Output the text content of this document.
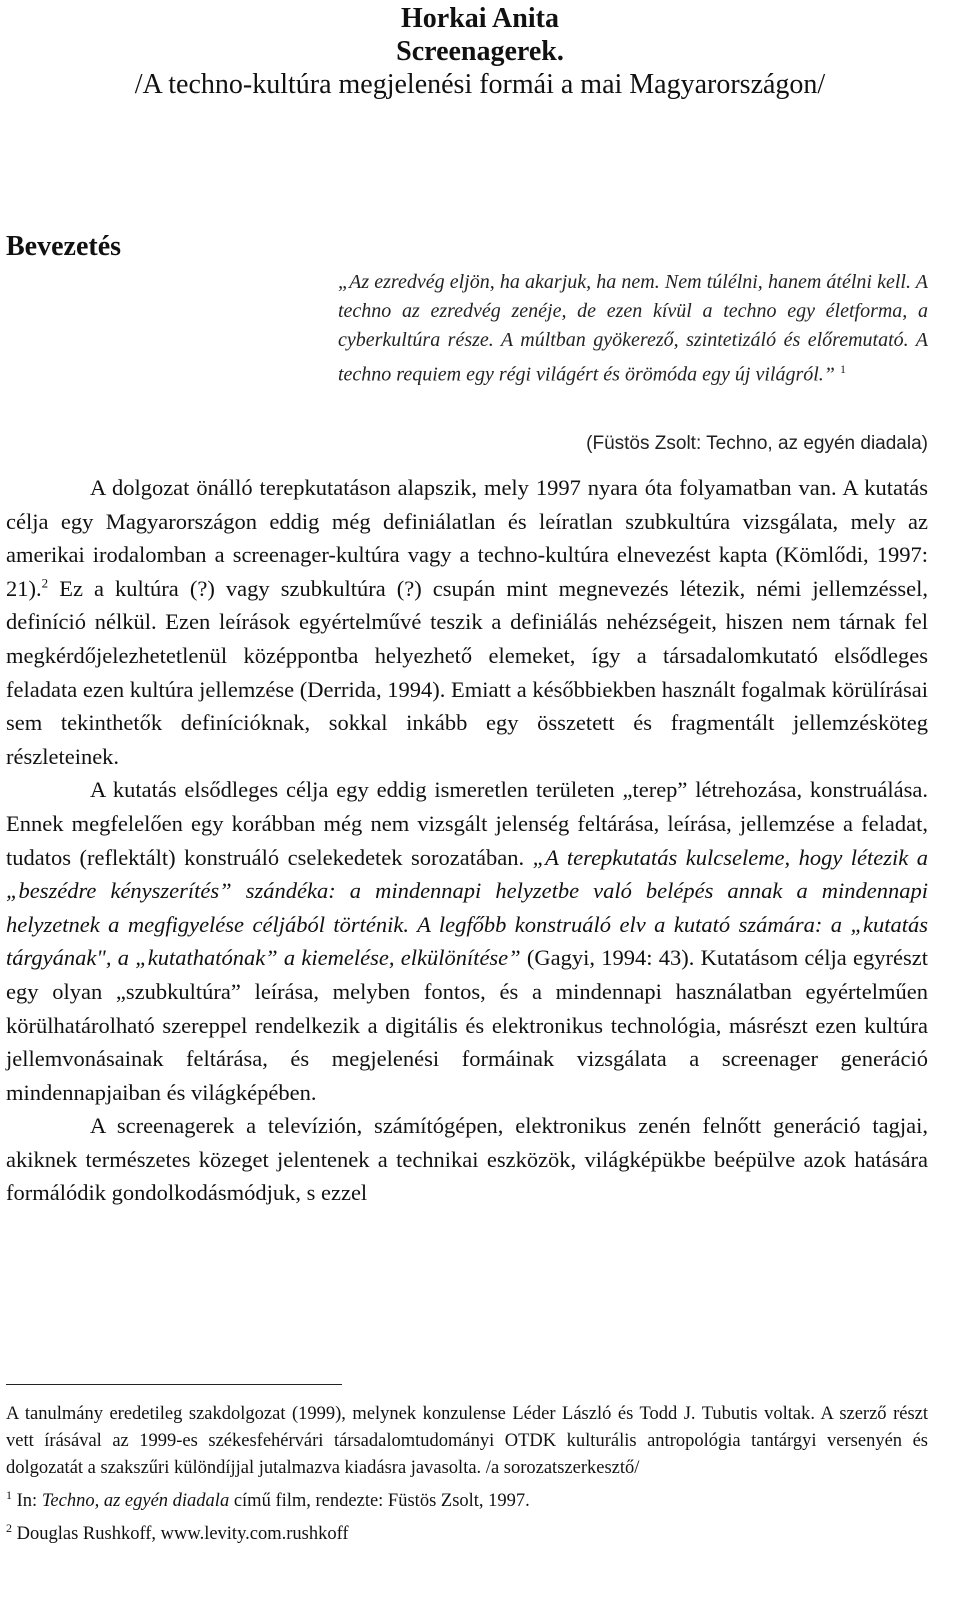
Horkai Anita
Screenagerek.
/A techno-kultúra megjelenési formái a mai Magyarországon/
Bevezetés
„Az ezredvég eljön, ha akarjuk, ha nem. Nem túlélni, hanem átélni kell. A techno az ezredvég zenéje, de ezen kívül a techno egy életforma, a cyberkultúra része. A múltban gyökerező, szintetizáló és előremutató. A techno requiem egy régi világért és örömóda egy új világról.” $^1$
(Füstös Zsolt: Techno, az egyén diadala)

A dolgozat önálló terepkutatáson alapszik, mely 1997 nyara óta folyamatban van. A kutatás célja egy Magyarországon eddig még definiálatlan és leíratlan szubkultúra vizsgálata, mely az amerikai irodalomban a screenager-kultúra vagy a techno-kultúra elnevezést kapta (Kömlődi, 1997: 21).$^2$ Ez a kultúra (?) vagy szubkultúra (?) csupán mint megnevezés létezik, némi jellemzéssel, definíció nélkül. Ezen leírások egyértelművé teszik a definiálás nehézségeit, hiszen nem tárnak fel megkérdőjelezhetetlenül középpontba helyezhető elemeket, így a társadalomkutató elsődleges feladata ezen kultúra jellemzése (Derrida, 1994). Emiatt a későbbiekben használt fogalmak körülírásai sem tekinthetők definícióknak, sokkal inkább egy összetett és fragmentált jellemzésköteg részleteinek.

A kutatás elsődleges célja egy eddig ismeretlen területen „terep” létrehozása, konstruálása. Ennek megfelelően egy korábban még nem vizsgált jelenség feltárása, leírása, jellemzése a feladat, tudatos (reflektált) konstruáló cselekedetek sorozatában. „A terepkutatás kulcseleme, hogy létezik a „beszédre kényszerítés” szándéka: a mindennapi helyzetbe való belépés annak a mindennapi helyzetnek a megfigyelése céljából történik. A legfőbb konstruáló elv a kutató számára: a „kutatás tárgyának", a „kutathatónak” a kiemelése, elkülönítése” (Gagyi, 1994: 43). Kutatásom célja egyrészt egy olyan „szubkultúra” leírása, melyben fontos, és a mindennapi használatban egyértelműen körülhatárolható szereppel rendelkezik a digitális és elektronikus technológia, másrészt ezen kultúra jellemvonásainak feltárása, és megjelenési formáinak vizsgálata a screenager generáció mindennapjaiban és világképében.

A screenagerek a televízión, számítógépen, elektronikus zenén felnőtt generáció tagjai, akiknek természetes közeget jelentenek a technikai eszközök, világképükbe beépülve azok hatására formálódik gondolkodásmódjuk, s ezzel

A tanulmány eredetileg szakdolgozat (1999), melynek konzulense Léder László és Todd J. Tubutis voltak. A szerző részt vett írásával az 1999-es székesfehérvári társadalomtudományi OTDK kulturális antropológia tantárgyi versenyén és dolgozatát a szakszűri különdíjjal jutalmazva kiadásra javasolta. /a sorozatszerkesztő/

$^1$ In: Techno, az egyén diadala című film, rendezte: Füstös Zsolt, 1997.

$^2$ Douglas Rushkoff, www.levity.com.rushkoff
